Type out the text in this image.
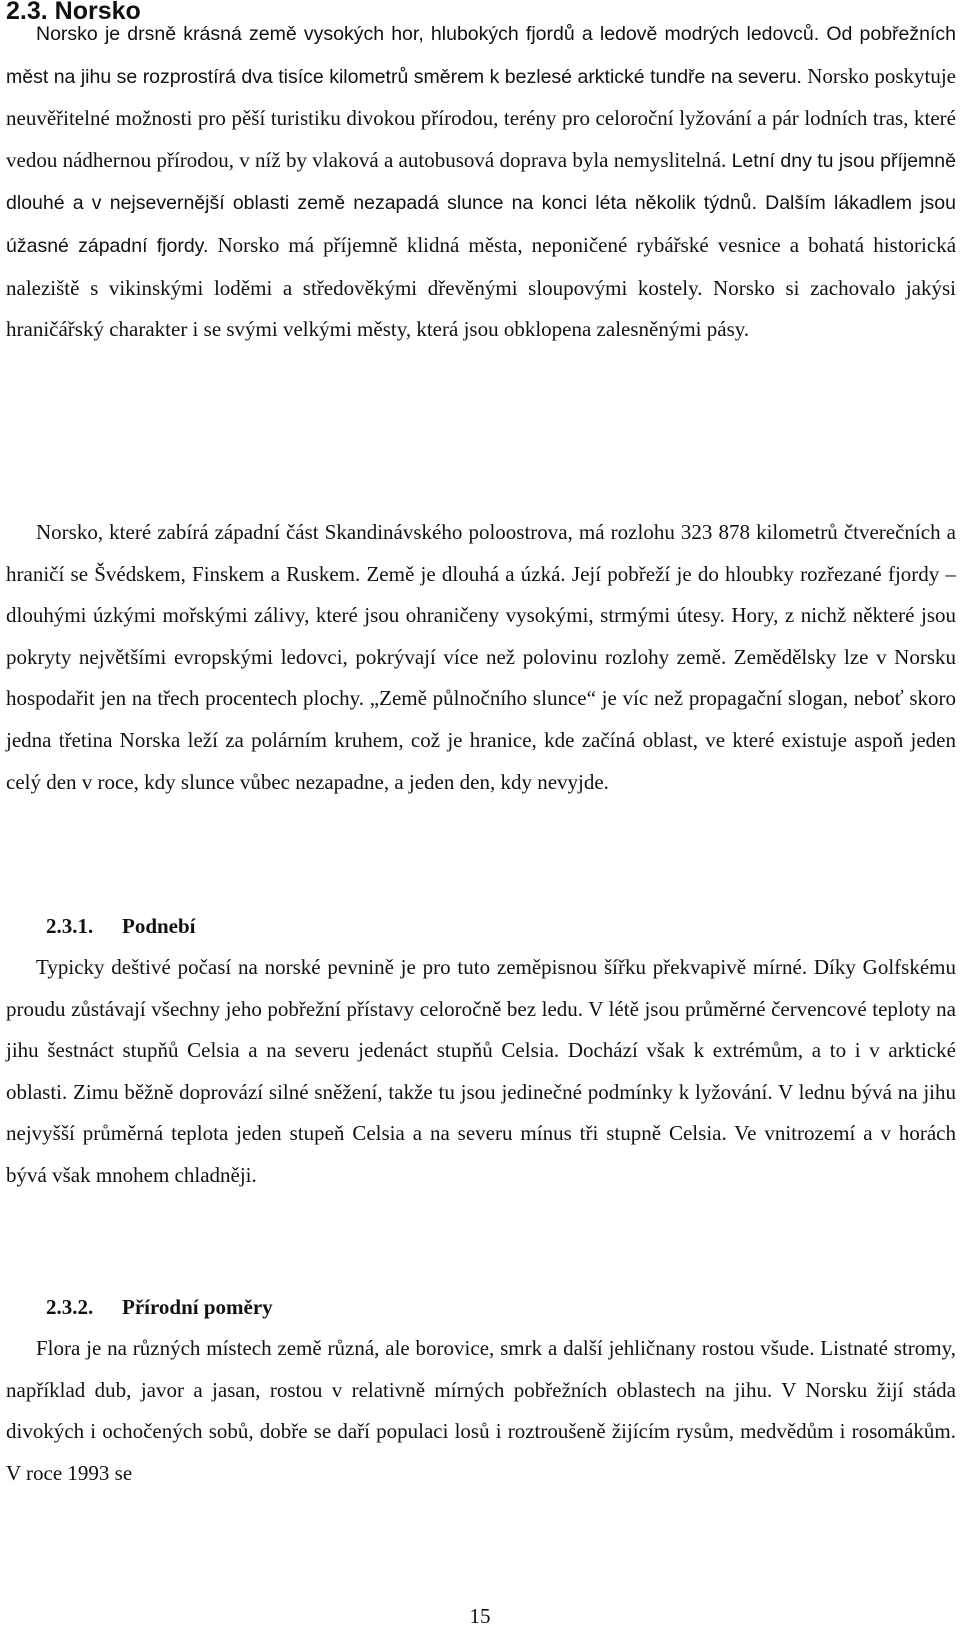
2.3. Norsko

Norsko je drsně krásná země vysokých hor, hlubokých fjordů a ledově modrých ledovců. Od pobřežních měst na jihu se rozprostírá dva tisíce kilometrů směrem k bezlesé arktické tundře na severu. Norsko poskytuje neuvěřitelné možnosti pro pěší turistiku divokou přírodou, terény pro celoroční lyžování a pár lodních tras, které vedou nádhernou přírodou, v níž by vlaková a autobusová doprava byla nemyslitelná. Letní dny tu jsou příjemně dlouhé a v nejsevernější oblasti země nezapadá slunce na konci léta několik týdnů. Dalším lákadlem jsou úžasné západní fjordy. Norsko má příjemně klidná města, neponičené rybářské vesnice a bohatá historická naleziště s vikinskými loděmi a středověkými dřevěnými sloupovými kostely. Norsko si zachovalo jakýsi hraničářský charakter i se svými velkými městy, která jsou obklopena zalesněnými pásy.

Norsko, které zabírá západní část Skandinávského poloostrova, má rozlohu 323 878 kilometrů čtverečních a hraničí se Švédskem, Finskem a Ruskem. Země je dlouhá a úzká. Její pobřeží je do hloubky rozřezané fjordy – dlouhými úzkými mořskými zálivy, které jsou ohraničeny vysokými, strmými útesy. Hory, z nichž některé jsou pokryty největšími evropskými ledovci, pokrývají více než polovinu rozlohy země. Zemědělsky lze v Norsku hospodařit jen na třech procentech plochy. „Země půlnočního slunce“ je víc než propagační slogan, neboť skoro jedna třetina Norska leží za polárním kruhem, což je hranice, kde začíná oblast, ve které existuje aspoň jeden celý den v roce, kdy slunce vůbec nezapadne, a jeden den, kdy nevyjde.

2.3.1. Podnebí

Typicky deštivé počasí na norské pevnině je pro tuto zeměpisnou šířku překvapivě mírné. Díky Golfskému proudu zůstávají všechny jeho pobřežní přístavy celoročně bez ledu. V létě jsou průměrné červencové teploty na jihu šestnáct stupňů Celsia a na severu jedenáct stupňů Celsia. Dochází však k extrémům, a to i v arktické oblasti. Zimu běžně doprovází silné sněžení, takže tu jsou jedinečné podmínky k lyžování. V lednu bývá na jihu nejvyšší průměrná teplota jeden stupeň Celsia a na severu mínus tři stupně Celsia. Ve vnitrozemí a v horách bývá však mnohem chladněji.

2.3.2. Přírodní poměry

Flora je na různých místech země různá, ale borovice, smrk a další jehličnany rostou všude. Listnaté stromy, například dub, javor a jasan, rostou v relativně mírných pobřežních oblastech na jihu. V Norsku žijí stáda divokých i ochočených sobů, dobře se daří populaci losů i roztroušeně žijícím rysům, medvědům i rosomákům. V roce 1993 se

15
